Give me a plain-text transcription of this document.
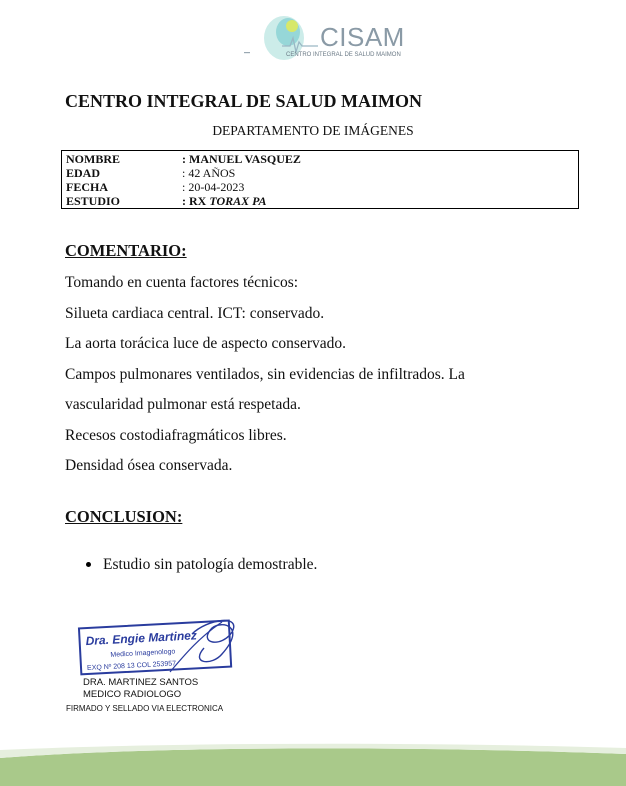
CISAM
CENTRO INTEGRAL DE SALUD MAIMON
CENTRO INTEGRAL DE SALUD MAIMON
DEPARTAMENTO DE IMÁGENES
NOMBRE	: MANUEL VASQUEZ
EDAD	: 42 AÑOS
FECHA	: 20-04-2023
ESTUDIO	: RX TORAX PA
COMENTARIO:
Tomando en cuenta factores técnicos:
Silueta cardiaca central. ICT: conservado.
La aorta torácica luce de aspecto conservado.
Campos pulmonares ventilados, sin evidencias de infiltrados. La
vascularidad pulmonar está respetada.
Recesos costodiafragmáticos libres.
Densidad ósea conservada.
CONCLUSION:
Estudio sin patología demostrable.
Dra. Engie Martinez
Medico Imagenologo
EXQ Nº 208 13 COL 253957
DRA. MARTINEZ SANTOS
MEDICO RADIOLOGO
FIRMADO Y SELLADO VIA ELECTRONICA
